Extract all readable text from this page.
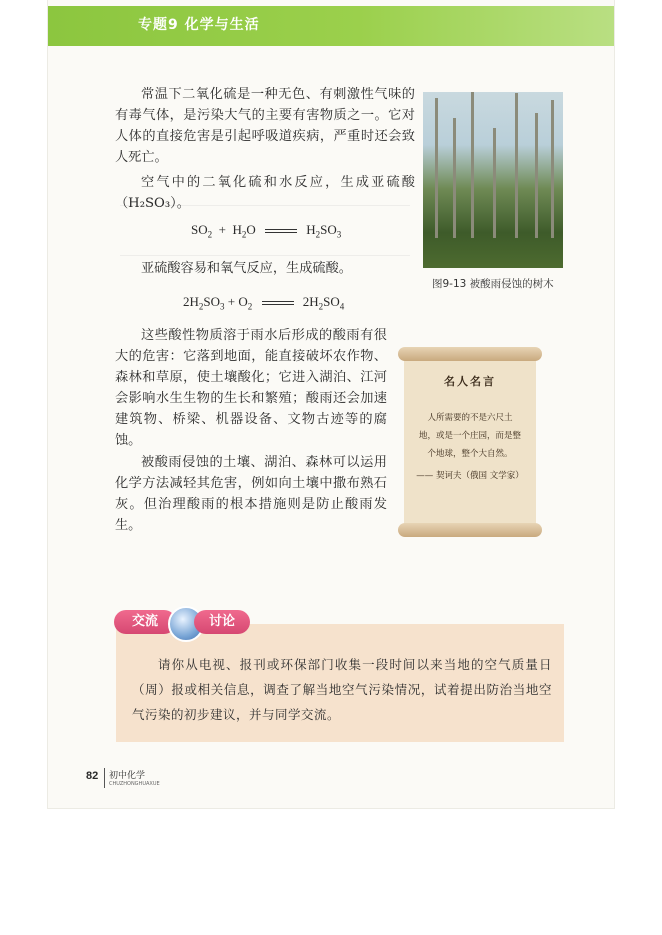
专题9 化学与生活

常温下二氧化硫是一种无色、有刺激性气味的有毒气体，是污染大气的主要有害物质之一。它对人体的直接危害是引起呼吸道疾病，严重时还会致人死亡。

空气中的二氧化硫和水反应，生成亚硫酸（H₂SO₃）。

$SO_2 + H_2O$	$H_2SO_3$

亚硫酸容易和氧气反应，生成硫酸。

$2H_2SO_3 + O_2$	$2H_2SO_4$

这些酸性物质溶于雨水后形成的酸雨有很大的危害：它落到地面，能直接破坏农作物、森林和草原，使土壤酸化；它进入湖泊、江河会影响水生生物的生长和繁殖；酸雨还会加速建筑物、桥梁、机器设备、文物古迹等的腐蚀。

被酸雨侵蚀的土壤、湖泊、森林可以运用化学方法减轻其危害，例如向土壤中撒布熟石灰。但治理酸雨的根本措施则是防止酸雨发生。

图9-13 被酸雨侵蚀的树木
名人名言
人所需要的不是六尺土
地，或是一个庄园，而是整
个地球，整个大自然。
—— 契诃夫（俄国 文学家）
交流	讨论

请你从电视、报刊或环保部门收集一段时间以来当地的空气质量日（周）报或相关信息，调查了解当地空气污染情况，试着提出防治当地空气污染的初步建议，并与同学交流。

82 初中化学
CHUZHONGHUAXUE
